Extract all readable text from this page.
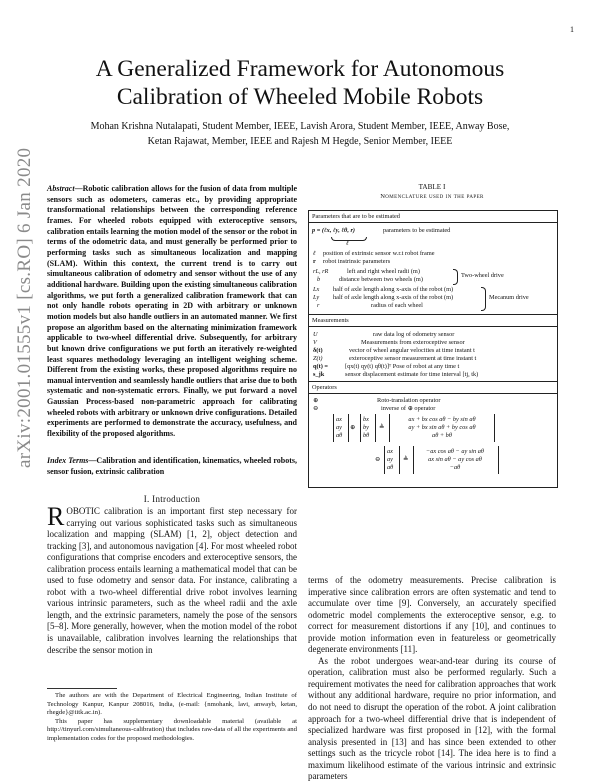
1
arXiv:2001.01555v1 [cs.RO] 6 Jan 2020
A Generalized Framework for Autonomous
Calibration of Wheeled Mobile Robots
Mohan Krishna Nutalapati, Student Member, IEEE, Lavish Arora, Student Member, IEEE, Anway Bose,
Ketan Rajawat, Member, IEEE and Rajesh M Hegde, Senior Member, IEEE
Abstract—Robotic calibration allows for the fusion of data from multiple sensors such as odometers, cameras etc., by providing appropriate transformational relationships between the corresponding reference frames. For wheeled robots equipped with exteroceptive sensors, calibration entails learning the motion model of the sensor or the robot in terms of the odometric data, and must generally be performed prior to performing tasks such as simultaneous localization and mapping (SLAM). Within this context, the current trend is to carry out simultaneous calibration of odometry and sensor without the use of any additional hardware. Building upon the existing simultaneous calibration algorithms, we put forth a generalized calibration framework that can not only handle robots operating in 2D with arbitrary or unknown motion models but also handle outliers in an automated manner. We first propose an algorithm based on the alternating minimization framework applicable to two-wheel differential drive. Subsequently, for arbitrary but known drive configurations we put forth an iteratively re-weighted least squares methodology leveraging an intelligent weighing scheme. Different from the existing works, these proposed algorithms require no manual intervention and seamlessly handle outliers that arise due to both systematic and non-systematic errors. Finally, we put forward a novel Gaussian Process-based non-parametric approach for calibrating wheeled robots with arbitrary or unknown drive configurations. Detailed experiments are performed to demonstrate the accuracy, usefulness, and flexibility of the proposed algorithms.
Index Terms—Calibration and identification, kinematics, wheeled robots, sensor fusion, extrinsic calibration
I. Introduction
ROBOTIC calibration is an important first step necessary for carrying out various sophisticated tasks such as simultaneous localization and mapping (SLAM) [1, 2], object detection and tracking [3], and autonomous navigation [4]. For most wheeled robot configurations that comprise encoders and exteroceptive sensors, the calibration process entails learning a mathematical model that can be used to fuse odometry and sensor data. For instance, calibrating a robot with a two-wheel differential drive robot involves learning various intrinsic parameters, such as the wheel radii and the axle length, and the extrinsic parameters, namely the pose of the sensors [5–8]. More generally, however, when the motion model of the robot is unavailable, calibration involves learning the relationships that describe the sensor motion in
The authors are with the Department of Electrical Engineering, Indian Institute of Technology Kanpur, Kanpur 208016, India, (e-mail: {nmohank, lavi, anwayb, ketan, rhegde}@iitk.ac.in).
This paper has supplementary downloadable material (available at http://tinyurl.com/simultaneous-calibration) that includes raw-data of all the experiments and implementation codes for the proposed methodologies.
TABLE I
Nomenclature used in the paper
Parameters that are to be estimated
p = (ℓx, ℓy, ℓθ, r)	parameters to be estimated
ℓ
ℓ position of extrinsic sensor w.r.t robot frame
r robot instrinsic parameters
rL, rR	left and right wheel radii (m)
b	distance between two wheels (m)
Two-wheel drive
Lx half of axle length along x-axis of the robot (m)
Ly half of axle length along x-axis of the robot (m)
r	radius of each wheel
Mecanum drive
Measurements
U	raw data log of odometry sensor
V	Measurements from exteroceptive sensor
δ(t)	vector of wheel angular velocities at time instant t
Z(t)	exteroceptive sensor measurement at time instant t
q(t) =	[qx(t) qy(t) qθ(t)]ᵀ Pose of robot at any time t
s_jk	sensor displacement estimate for time interval [tj, tk)
Operators
⊕	Roto-translation operator
⊖	inverse of ⊕ operator
ax
ay
aθ
⊕
bx
by
bθ
≜
ax + bx cos aθ − by sin aθ
ay + bx sin aθ + by cos aθ
aθ + bθ
⊖
ax
ay
aθ
≜
−ax cos aθ − ay sin aθ
ax sin aθ − ay cos aθ
−aθ
terms of the odometry measurements. Precise calibration is imperative since calibration errors are often systematic and tend to accumulate over time [9]. Conversely, an accurately specified odometric model complements the exteroceptive sensor, e.g. to correct for measurement distortions if any [10], and continues to provide motion information even in featureless or geometrically degenerate environments [11].
As the robot undergoes wear-and-tear during its course of operation, calibration must also be performed regularly. Such a requirement motivates the need for calibration approaches that work without any additional hardware, require no prior information, and do not need to disrupt the operation of the robot. A joint calibration approach for a two-wheel differential drive that is independent of specialized hardware was first proposed in [12], with the formal analysis presented in [13] and has since been extended to other settings such as the tricycle robot [14]. The idea here is to find a maximum likelihood estimate of the various intrinsic and extrinsic parameters
